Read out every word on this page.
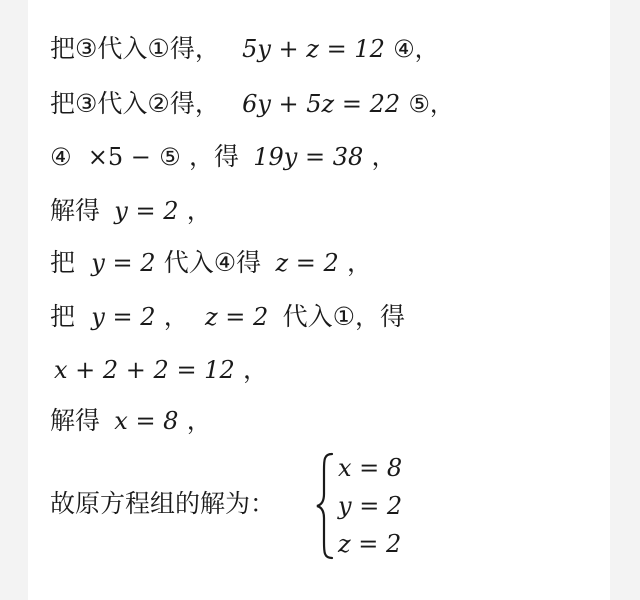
把③代入①得， 5y + z = 12 ④，
把③代入②得， 6y + 5z = 22 ⑤，
④ ×5 − ⑤ ，得 19y = 38 ，
解得 y = 2 ，
把 y = 2 代入④得 z = 2 ，
把 y = 2 ， z = 2 代入①，得
x + 2 + 2 = 12 ，
解得 x = 8 ，
故原方程组的解为：
x = 8
y = 2
z = 2
